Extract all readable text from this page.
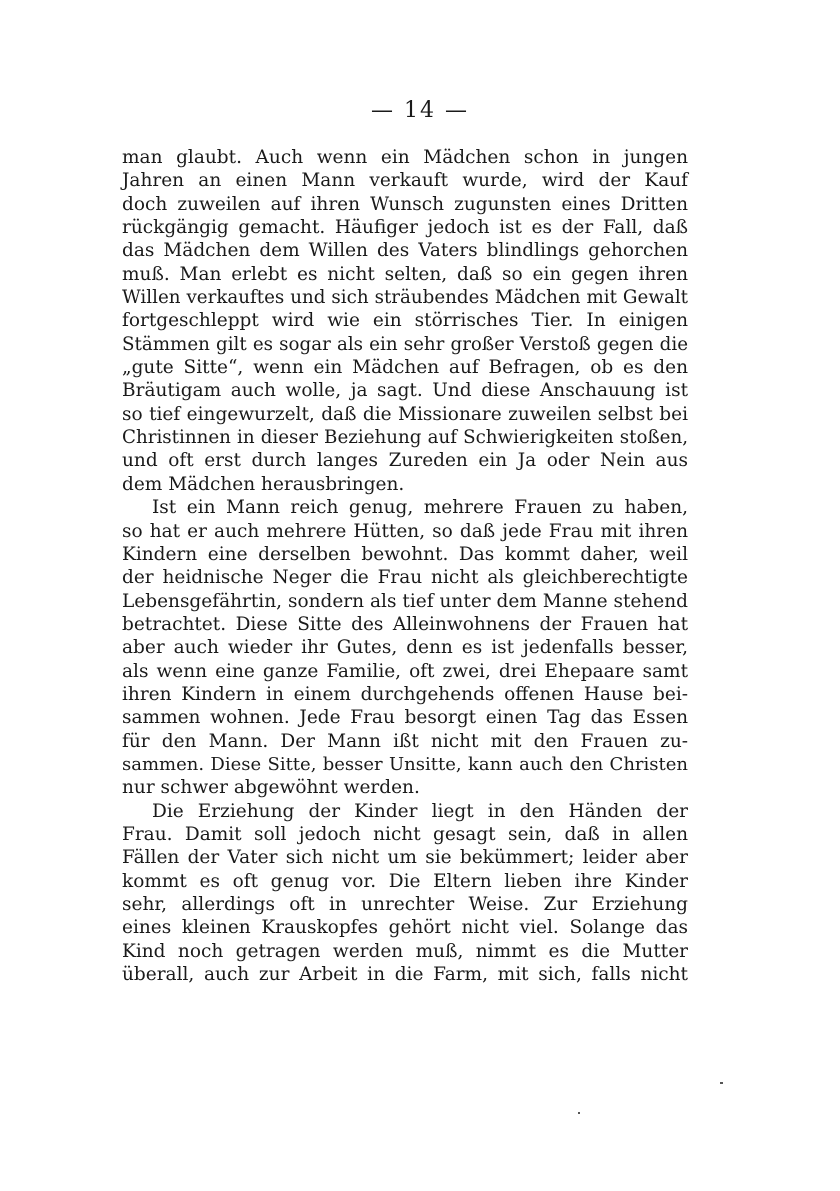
— 14 —
man glaubt. Auch wenn ein Mädchen schon in jungen
Jahren an einen Mann verkauft wurde, wird der Kauf
doch zuweilen auf ihren Wunsch zugunsten eines Dritten
rückgängig gemacht. Häufiger jedoch ist es der Fall, daß
das Mädchen dem Willen des Vaters blindlings gehorchen
muß. Man erlebt es nicht selten, daß so ein gegen ihren
Willen verkauftes und sich sträubendes Mädchen mit Gewalt
fortgeschleppt wird wie ein störrisches Tier. In einigen
Stämmen gilt es sogar als ein sehr großer Verstoß gegen die
„gute Sitte“, wenn ein Mädchen auf Befragen, ob es den
Bräutigam auch wolle, ja sagt. Und diese Anschauung ist
so tief eingewurzelt, daß die Missionare zuweilen selbst bei
Christinnen in dieser Beziehung auf Schwierigkeiten stoßen,
und oft erst durch langes Zureden ein Ja oder Nein aus
dem Mädchen herausbringen.
Ist ein Mann reich genug, mehrere Frauen zu haben,
so hat er auch mehrere Hütten, so daß jede Frau mit ihren
Kindern eine derselben bewohnt. Das kommt daher, weil
der heidnische Neger die Frau nicht als gleichberechtigte
Lebensgefährtin, sondern als tief unter dem Manne stehend
betrachtet. Diese Sitte des Alleinwohnens der Frauen hat
aber auch wieder ihr Gutes, denn es ist jedenfalls besser,
als wenn eine ganze Familie, oft zwei, drei Ehepaare samt
ihren Kindern in einem durchgehends offenen Hause bei-
sammen wohnen. Jede Frau besorgt einen Tag das Essen
für den Mann. Der Mann ißt nicht mit den Frauen zu-
sammen. Diese Sitte, besser Unsitte, kann auch den Christen
nur schwer abgewöhnt werden.
Die Erziehung der Kinder liegt in den Händen der
Frau. Damit soll jedoch nicht gesagt sein, daß in allen
Fällen der Vater sich nicht um sie bekümmert; leider aber
kommt es oft genug vor. Die Eltern lieben ihre Kinder
sehr, allerdings oft in unrechter Weise. Zur Erziehung
eines kleinen Krauskopfes gehört nicht viel. Solange das
Kind noch getragen werden muß, nimmt es die Mutter
überall, auch zur Arbeit in die Farm, mit sich, falls nicht
